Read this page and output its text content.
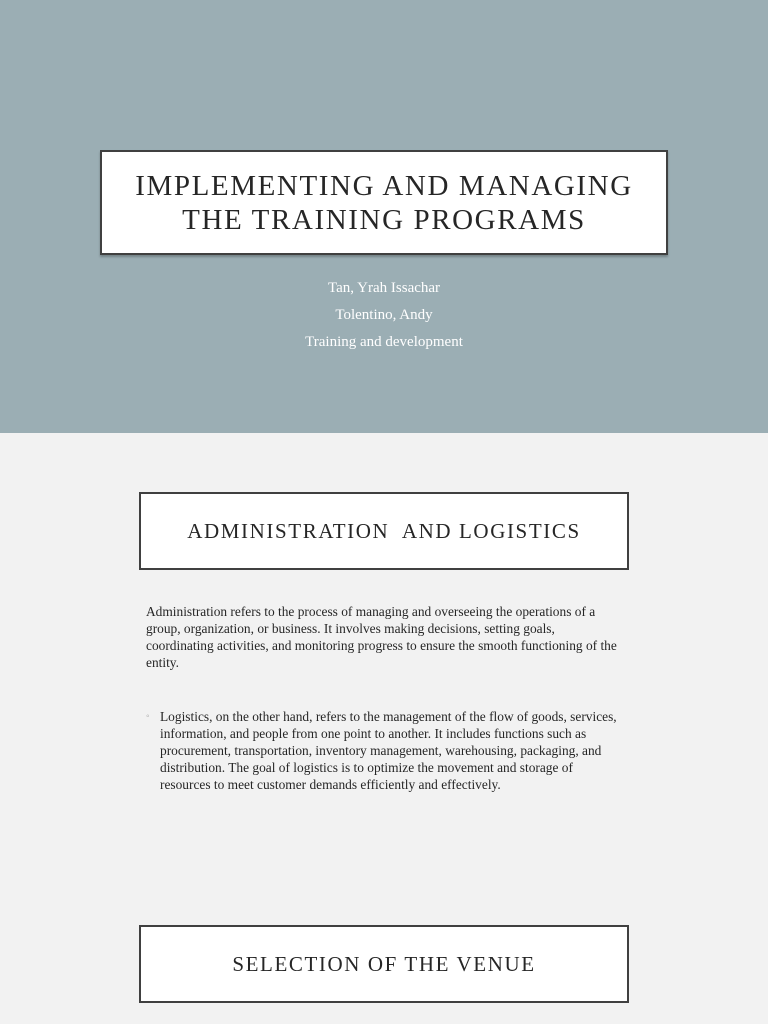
IMPLEMENTING AND MANAGING
THE TRAINING PROGRAMS
Tan, Yrah Issachar
Tolentino, Andy
Training and development
ADMINISTRATION  AND LOGISTICS
Administration refers to the process of managing and overseeing the operations of a group, organization, or business. It involves making decisions, setting goals, coordinating activities, and monitoring progress to ensure the smooth functioning of the entity.
◦ Logistics, on the other hand, refers to the management of the flow of goods, services, information, and people from one point to another. It includes functions such as procurement, transportation, inventory management, warehousing, packaging, and distribution. The goal of logistics is to optimize the movement and storage of resources to meet customer demands efficiently and effectively.
SELECTION OF THE VENUE
